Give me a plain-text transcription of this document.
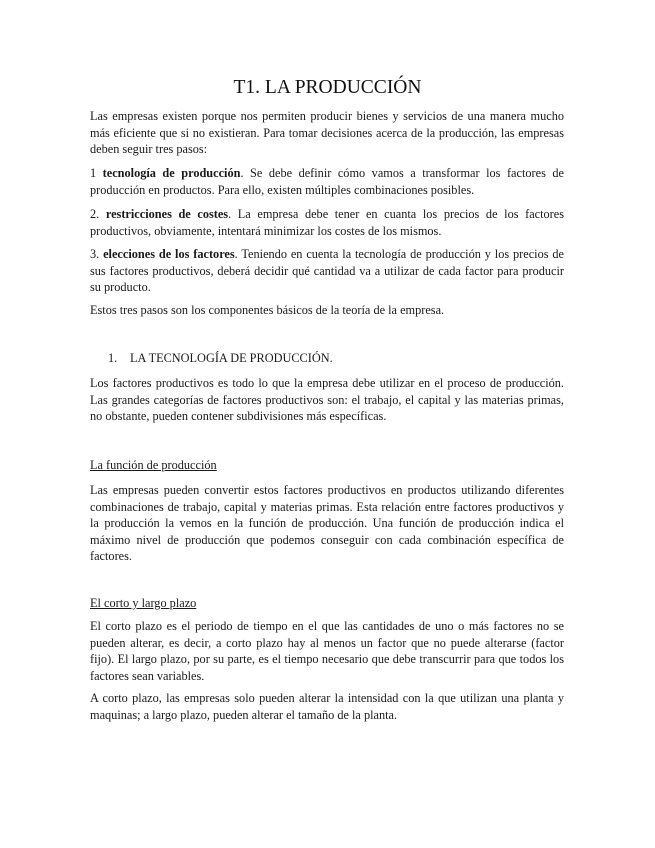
T1. LA PRODUCCIÓN

Las empresas existen porque nos permiten producir bienes y servicios de una manera mucho más eficiente que si no existieran. Para tomar decisiones acerca de la producción, las empresas deben seguir tres pasos:

1 tecnología de producción. Se debe definir cómo vamos a transformar los factores de producción en productos. Para ello, existen múltiples combinaciones posibles.

2. restricciones de costes. La empresa debe tener en cuanta los precios de los factores productivos, obviamente, intentará minimizar los costes de los mismos.

3. elecciones de los factores. Teniendo en cuenta la tecnología de producción y los precios de sus factores productivos, deberá decidir qué cantidad va a utilizar de cada factor para producir su producto.

Estos tres pasos son los componentes básicos de la teoría de la empresa.

1. LA TECNOLOGÍA DE PRODUCCIÓN.

Los factores productivos es todo lo que la empresa debe utilizar en el proceso de producción. Las grandes categorías de factores productivos son: el trabajo, el capital y las materias primas, no obstante, pueden contener subdivisiones más específicas.

La función de producción

Las empresas pueden convertir estos factores productivos en productos utilizando diferentes combinaciones de trabajo, capital y materias primas. Esta relación entre factores productivos y la producción la vemos en la función de producción. Una función de producción indica el máximo nivel de producción que podemos conseguir con cada combinación específica de factores.

El corto y largo plazo

El corto plazo es el periodo de tiempo en el que las cantidades de uno o más factores no se pueden alterar, es decir, a corto plazo hay al menos un factor que no puede alterarse (factor fijo). El largo plazo, por su parte, es el tiempo necesario que debe transcurrir para que todos los factores sean variables.

A corto plazo, las empresas solo pueden alterar la intensidad con la que utilizan una planta y maquinas; a largo plazo, pueden alterar el tamaño de la planta.
